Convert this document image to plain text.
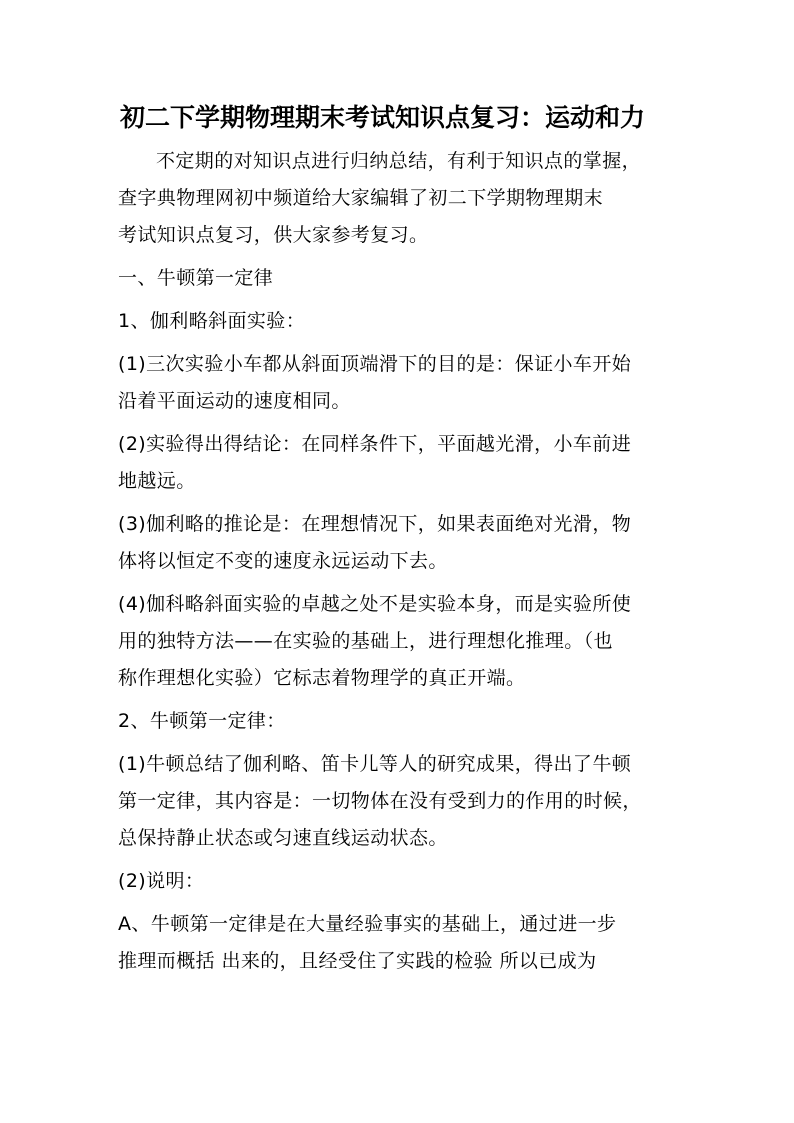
初二下学期物理期末考试知识点复习：运动和力
不定期的对知识点进行归纳总结，有利于知识点的掌握，
查字典物理网初中频道给大家编辑了初二下学期物理期末
考试知识点复习，供大家参考复习。
一、牛顿第一定律
1、伽利略斜面实验：
(1)三次实验小车都从斜面顶端滑下的目的是：保证小车开始
沿着平面运动的速度相同。
(2)实验得出得结论：在同样条件下，平面越光滑，小车前进
地越远。
(3)伽利略的推论是：在理想情况下，如果表面绝对光滑，物
体将以恒定不变的速度永远运动下去。
(4)伽科略斜面实验的卓越之处不是实验本身，而是实验所使
用的独特方法——在实验的基础上，进行理想化推理。（也
称作理想化实验）它标志着物理学的真正开端。
2、牛顿第一定律：
(1)牛顿总结了伽利略、笛卡儿等人的研究成果，得出了牛顿
第一定律，其内容是：一切物体在没有受到力的作用的时候，
总保持静止状态或匀速直线运动状态。
(2)说明：
A、牛顿第一定律是在大量经验事实的基础上，通过进一步
推理而概括 出来的，且经受住了实践的检验 所以已成为
